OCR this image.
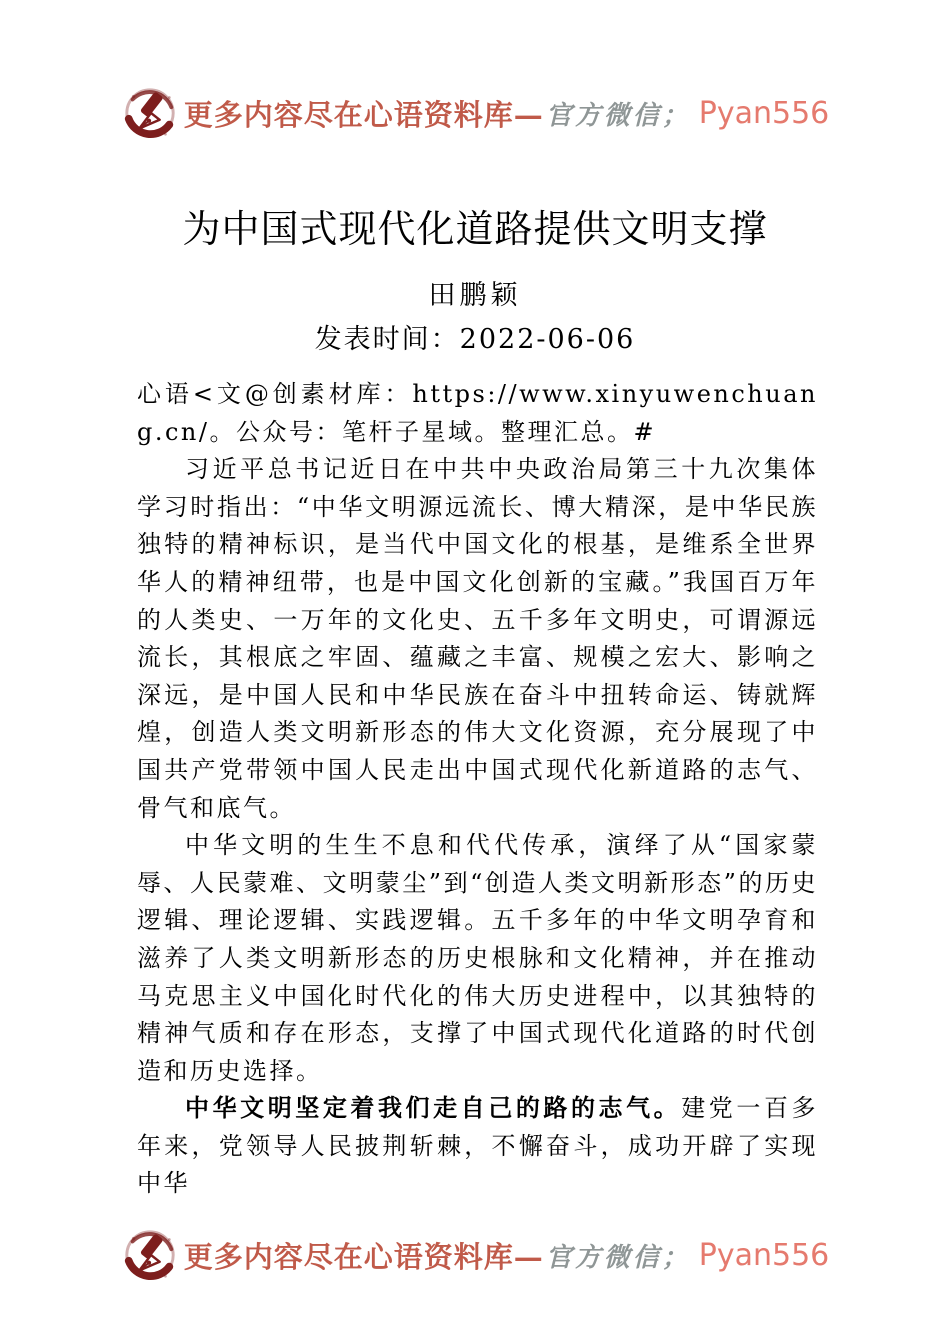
更多内容尽在心语资料库— 官方微信； Pyan556
为中国式现代化道路提供文明支撑
田鹏颖
发表时间：2022-06-06

心语<文@创素材库：https://www.xinyuwenchuang.cn/。公众号：笔杆子星域。整理汇总。#

习近平总书记近日在中共中央政治局第三十九次集体学习时指出：“中华文明源远流长、博大精深，是中华民族独特的精神标识，是当代中国文化的根基，是维系全世界华人的精神纽带，也是中国文化创新的宝藏。”我国百万年的人类史、一万年的文化史、五千多年文明史，可谓源远流长，其根底之牢固、蕴藏之丰富、规模之宏大、影响之深远，是中国人民和中华民族在奋斗中扭转命运、铸就辉煌，创造人类文明新形态的伟大文化资源，充分展现了中国共产党带领中国人民走出中国式现代化新道路的志气、骨气和底气。

中华文明的生生不息和代代传承，演绎了从“国家蒙辱、人民蒙难、文明蒙尘”到“创造人类文明新形态”的历史逻辑、理论逻辑、实践逻辑。五千多年的中华文明孕育和滋养了人类文明新形态的历史根脉和文化精神，并在推动马克思主义中国化时代化的伟大历史进程中，以其独特的精神气质和存在形态，支撑了中国式现代化道路的时代创造和历史选择。

中华文明坚定着我们走自己的路的志气。建党一百多年来，党领导人民披荆斩棘，不懈奋斗，成功开辟了实现中华

更多内容尽在心语资料库— 官方微信； Pyan556
